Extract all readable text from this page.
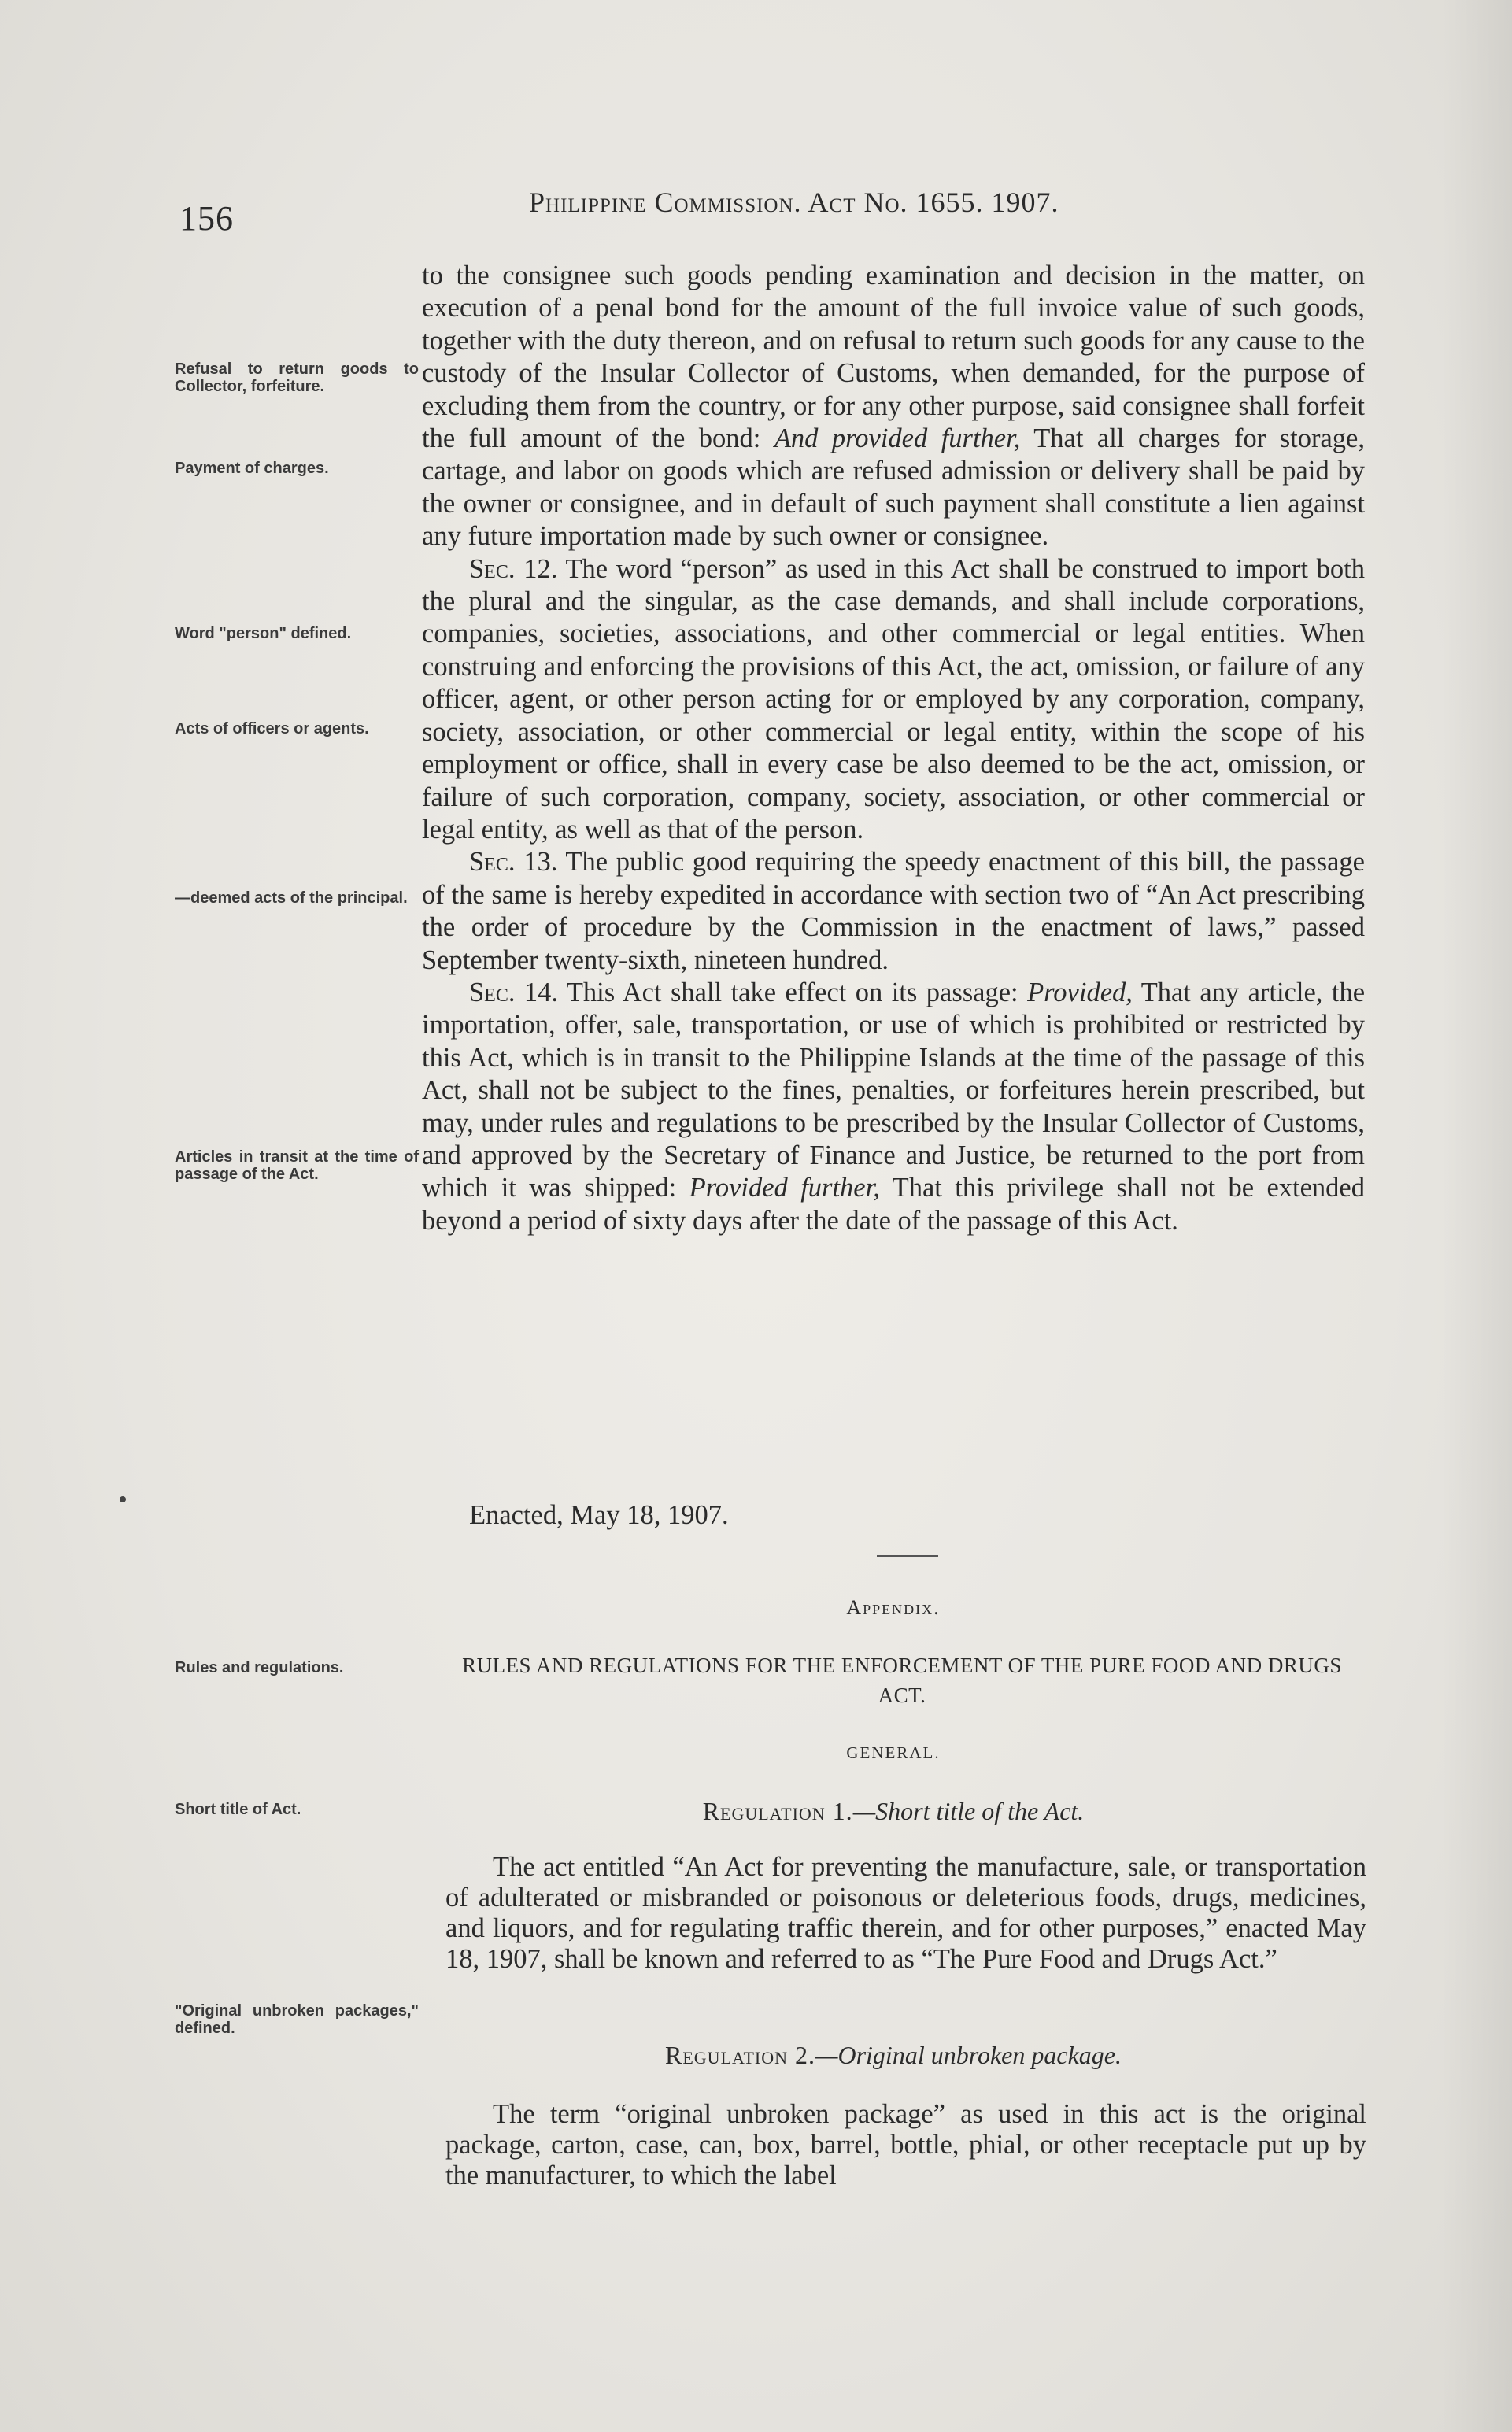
156	Philippine Commission. Act No. 1655. 1907.
Refusal to return goods to Collector, forfeiture.
Payment of charges.
Word "person" defined.
Acts of officers or agents.
—deemed acts of the principal.
Articles in transit at the time of passage of the Act.
Rules and regulations.
Short title of Act.
"Original unbroken packages," defined.

to the consignee such goods pending examination and decision in the matter, on execution of a penal bond for the amount of the full invoice value of such goods, together with the duty thereon, and on refusal to return such goods for any cause to the custody of the Insular Collector of Customs, when demanded, for the purpose of excluding them from the country, or for any other purpose, said consignee shall forfeit the full amount of the bond: And provided further, That all charges for storage, cartage, and labor on goods which are refused admission or delivery shall be paid by the owner or consignee, and in default of such payment shall constitute a lien against any future importation made by such owner or consignee.

Sec. 12. The word “person” as used in this Act shall be construed to import both the plural and the singular, as the case demands, and shall include corporations, companies, societies, associations, and other commercial or legal entities. When construing and enforcing the provisions of this Act, the act, omission, or failure of any officer, agent, or other person acting for or employed by any corporation, company, society, association, or other commercial or legal entity, within the scope of his employment or office, shall in every case be also deemed to be the act, omission, or failure of such corporation, company, society, association, or other commercial or legal entity, as well as that of the person.

Sec. 13. The public good requiring the speedy enactment of this bill, the passage of the same is hereby expedited in accordance with section two of “An Act prescribing the order of procedure by the Commission in the enactment of laws,” passed September twenty-sixth, nineteen hundred.

Sec. 14. This Act shall take effect on its passage: Provided, That any article, the importation, offer, sale, transportation, or use of which is prohibited or restricted by this Act, which is in transit to the Philippine Islands at the time of the passage of this Act, shall not be subject to the fines, penalties, or forfeitures herein prescribed, but may, under rules and regulations to be prescribed by the Insular Collector of Customs, and approved by the Secretary of Finance and Justice, be returned to the port from which it was shipped: Provided further, That this privilege shall not be extended beyond a period of sixty days after the date of the passage of this Act.

Enacted, May 18, 1907.
Appendix.
RULES AND REGULATIONS FOR THE ENFORCEMENT OF THE PURE FOOD AND DRUGS ACT.
GENERAL.
Regulation 1.—Short title of the Act.
The act entitled “An Act for preventing the manufacture, sale, or transportation of adulterated or misbranded or poisonous or deleterious foods, drugs, medicines, and liquors, and for regulating traffic therein, and for other purposes,” enacted May 18, 1907, shall be known and referred to as “The Pure Food and Drugs Act.”
Regulation 2.—Original unbroken package.
The term “original unbroken package” as used in this act is the original package, carton, case, can, box, barrel, bottle, phial, or other receptacle put up by the manufacturer, to which the label
